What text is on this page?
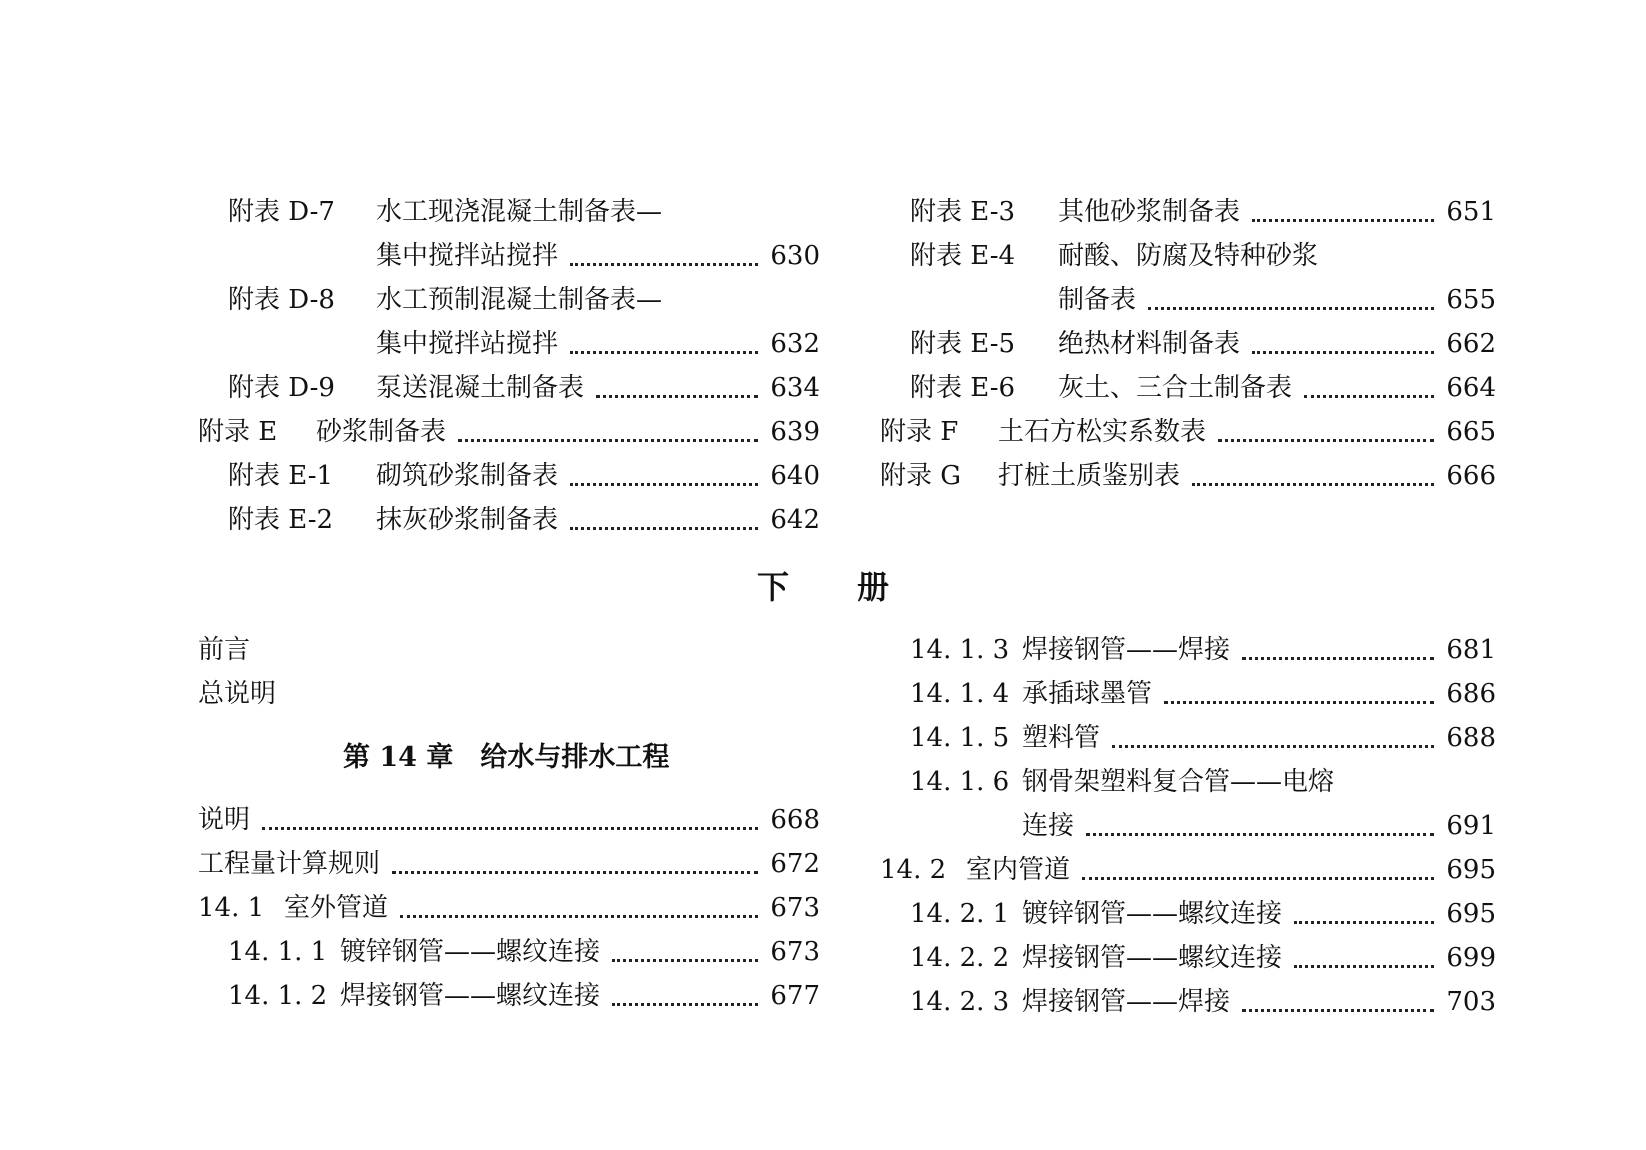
附表 D-7	水工现浇混凝土制备表—
集中搅拌站搅拌	630
附表 D-8	水工预制混凝土制备表—
集中搅拌站搅拌	632
附表 D-9	泵送混凝土制备表	634
附录 E	砂浆制备表	639
附表 E-1	砌筑砂浆制备表	640
附表 E-2	抹灰砂浆制备表	642
附表 E-3	其他砂浆制备表	651
附表 E-4	耐酸、防腐及特种砂浆
制备表	655
附表 E-5	绝热材料制备表	662
附表 E-6	灰土、三合土制备表	664
附录 F	土石方松实系数表	665
附录 G	打桩土质鉴别表	666
下册
前言
总说明
第 14 章　给水与排水工程
说明	668
工程量计算规则	672
14. 1 室外管道	673
14. 1. 1 镀锌钢管——螺纹连接	673
14. 1. 2 焊接钢管——螺纹连接	677
14. 1. 3 焊接钢管——焊接	681
14. 1. 4 承插球墨管	686
14. 1. 5 塑料管	688
14. 1. 6 钢骨架塑料复合管——电熔
连接	691
14. 2 室内管道	695
14. 2. 1 镀锌钢管——螺纹连接	695
14. 2. 2 焊接钢管——螺纹连接	699
14. 2. 3 焊接钢管——焊接	703
